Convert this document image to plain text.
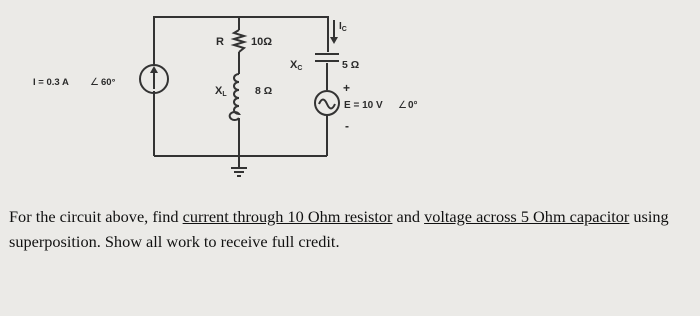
I = 0.3 A ∠ 60°
R 10Ω
XL	8 Ω
XC	5 Ω
$I_C$
+
-
E = 10 V ∠ 0°

For the circuit above, find current through 10 Ohm resistor and voltage across 5 Ohm capacitor using superposition. Show all work to receive full credit.
